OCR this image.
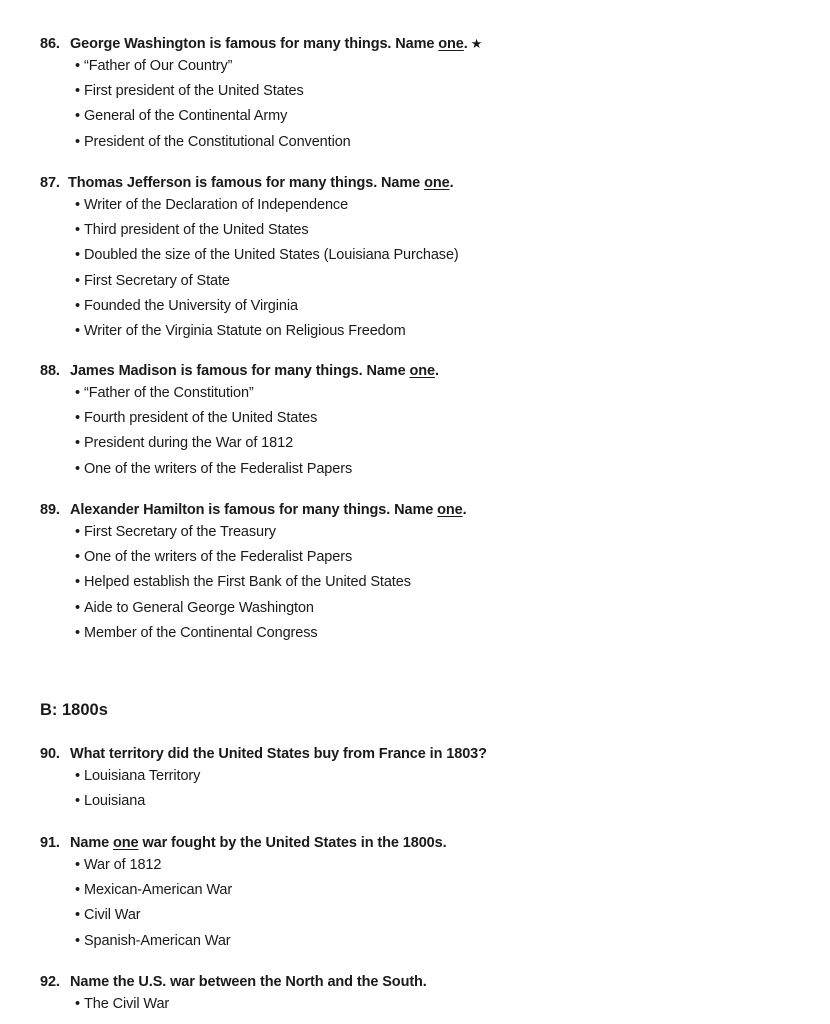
86. George Washington is famous for many things. Name one. ★
• “Father of Our Country”
• First president of the United States
• General of the Continental Army
• President of the Constitutional Convention
87. Thomas Jefferson is famous for many things. Name one.
• Writer of the Declaration of Independence
• Third president of the United States
• Doubled the size of the United States (Louisiana Purchase)
• First Secretary of State
• Founded the University of Virginia
• Writer of the Virginia Statute on Religious Freedom
88. James Madison is famous for many things. Name one.
• “Father of the Constitution”
• Fourth president of the United States
• President during the War of 1812
• One of the writers of the Federalist Papers
89. Alexander Hamilton is famous for many things. Name one.
• First Secretary of the Treasury
• One of the writers of the Federalist Papers
• Helped establish the First Bank of the United States
• Aide to General George Washington
• Member of the Continental Congress
B: 1800s
90. What territory did the United States buy from France in 1803?
• Louisiana Territory
• Louisiana
91. Name one war fought by the United States in the 1800s.
• War of 1812
• Mexican-American War
• Civil War
• Spanish-American War
92. Name the U.S. war between the North and the South.
• The Civil War
